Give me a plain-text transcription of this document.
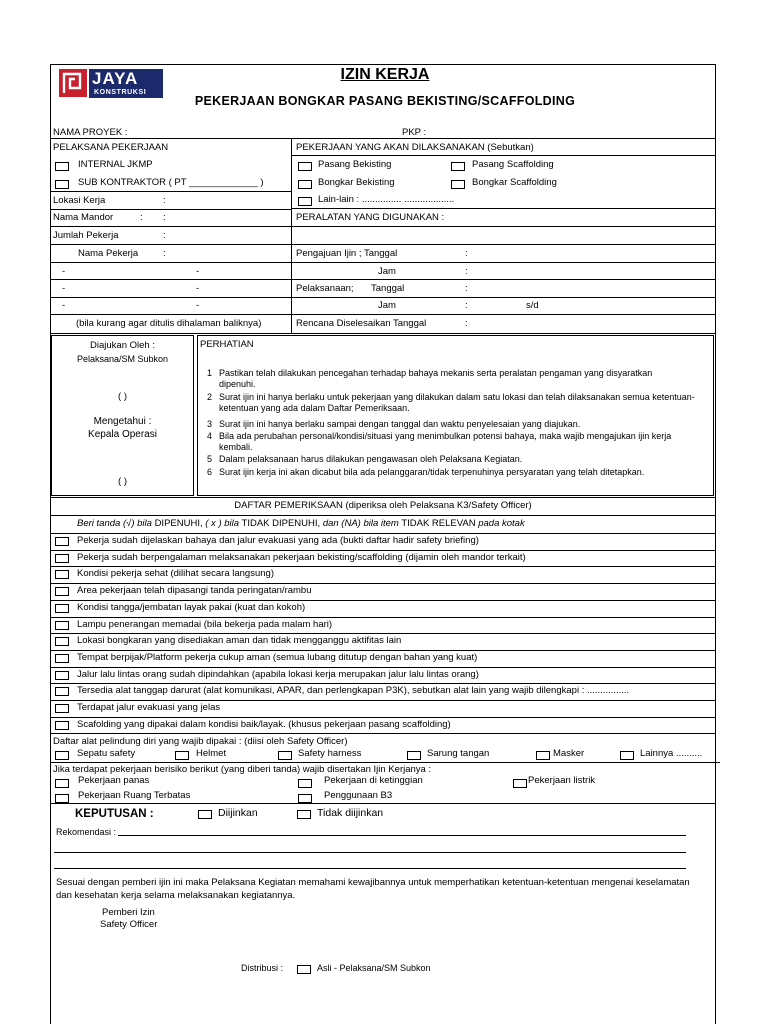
JAYA
KONSTRUKSI
IZIN KERJA
PEKERJAAN BONGKAR PASANG BEKISTING/SCAFFOLDING
NAMA PROYEK :	PKP :
PELAKSANA PEKERJAAN
INTERNAL JKMP
SUB KONTRAKTOR ( PT _____________ )
Lokasi Kerja	:
Nama Mandor	: :
Jumlah Pekerja	:
Nama Pekerja	:
-	-
-	-
-	-
(bila kurang agar ditulis dihalaman baliknya)
PEKERJAAN YANG AKAN DILAKSANAKAN (Sebutkan)
Pasang Bekisting	Pasang Scaffolding
Bongkar Bekisting	Bongkar Scaffolding
Lain-lain : ............... ...................
PERALATAN YANG DIGUNAKAN :
Pengajuan Ijin ; Tanggal	:
Jam	:
Pelaksanaan; Tanggal	:
Jam	:	s/d
Rencana Diselesaikan Tanggal	:
Diajukan Oleh :
Pelaksana/SM Subkon
( )
Mengetahui :
Kepala Operasi
( )
PERHATIAN
1 Pastikan telah dilakukan pencegahan terhadap bahaya mekanis serta peralatan pengaman yang disyaratkan
dipenuhi.
2 Surat ijin ini hanya berlaku untuk pekerjaan yang dilakukan dalam satu lokasi dan telah dilaksanakan semua ketentuan-
ketentuan yang ada dalam Daftar Pemeriksaan.
3 Surat ijin ini hanya berlaku sampai dengan tanggal dan waktu penyelesaian yang diajukan.
4 Bila ada perubahan personal/kondisi/situasi yang menimbulkan potensi bahaya, maka wajib mengajukan ijin kerja
kembali.
5 Dalam pelaksanaan harus dilakukan pengawasan oleh Pelaksana Kegiatan.
6 Surat ijin kerja ini akan dicabut bila ada pelanggaran/tidak terpenuhinya persyaratan yang telah ditetapkan.
DAFTAR PEMERIKSAAN (diperiksa oleh Pelaksana K3/Safety Officer)
Beri tanda (√) bila DIPENUHI, ( x ) bila TIDAK DIPENUHI, dan (NA) bila item TIDAK RELEVAN pada kotak
Pekerja sudah dijelaskan bahaya dan jalur evakuasi yang ada (bukti daftar hadir safety briefing)
Pekerja sudah berpengalaman melaksanakan pekerjaan bekisting/scaffolding (dijamin oleh mandor terkait)
Kondisi pekerja sehat (dilihat secara langsung)
Area pekerjaan telah dipasangi tanda peringatan/rambu
Kondisi tangga/jembatan layak pakai (kuat dan kokoh)
Lampu penerangan memadai (bila bekerja pada malam hari)
Lokasi bongkaran yang disediakan aman dan tidak mengganggu aktifitas lain
Tempat berpijak/Platform pekerja cukup aman (semua lubang ditutup dengan bahan yang kuat)
Jalur lalu lintas orang sudah dipindahkan (apabila lokasi kerja merupakan jalur lalu lintas orang)
Tersedia alat tanggap darurat (alat komunikasi, APAR, dan perlengkapan P3K), sebutkan alat lain yang wajib dilengkapi : ................
Terdapat jalur evakuasi yang jelas
Scafolding yang dipakai dalam kondisi baik/layak. (khusus pekerjaan pasang scaffolding)
Daftar alat pelindung diri yang wajib dipakai : (diisi oleh Safety Officer)
Sepatu safety	Helmet	Safety harness	Sarung tangan	Masker	Lainnya ..........
Jika terdapat pekerjaan berisiko berikut (yang diberi tanda) wajib disertakan Ijin Kerjanya :
Pekerjaan panas	Pekerjaan di ketinggian	Pekerjaan listrik
Pekerjaan Ruang Terbatas	Penggunaan B3
KEPUTUSAN :	Diijinkan	Tidak diijinkan
Rekomendasi :
Sesuai dengan pemberi ijin ini maka Pelaksana Kegiatan memahami kewajibannya untuk memperhatikan ketentuan-ketentuan mengenai keselamatan dan kesehatan kerja selama melaksanakan kegiatannya.
Pemberi Izin
Safety Officer
Distribusi :	Asli - Pelaksana/SM Subkon
